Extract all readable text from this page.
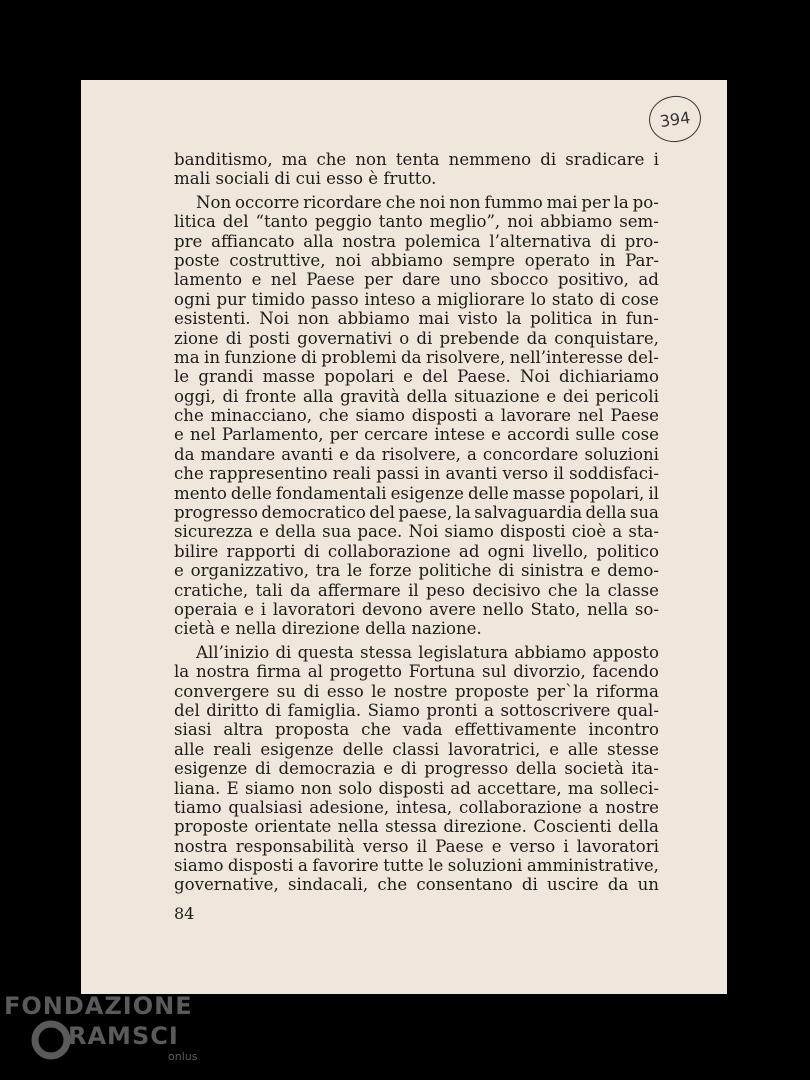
394
banditismo, ma che non tenta nemmeno di sradicare i
mali sociali di cui esso è frutto.
Non occorre ricordare che noi non fummo mai per la po-
litica del “tanto peggio tanto meglio”, noi abbiamo sem-
pre affiancato alla nostra polemica l’alternativa di pro-
poste costruttive, noi abbiamo sempre operato in Par-
lamento e nel Paese per dare uno sbocco positivo, ad
ogni pur timido passo inteso a migliorare lo stato di cose
esistenti. Noi non abbiamo mai visto la politica in fun-
zione di posti governativi o di prebende da conquistare,
ma in funzione di problemi da risolvere, nell’interesse del-
le grandi masse popolari e del Paese. Noi dichiariamo
oggi, di fronte alla gravità della situazione e dei pericoli
che minacciano, che siamo disposti a lavorare nel Paese
e nel Parlamento, per cercare intese e accordi sulle cose
da mandare avanti e da risolvere, a concordare soluzioni
che rappresentino reali passi in avanti verso il soddisfaci-
mento delle fondamentali esigenze delle masse popolari, il
progresso democratico del paese, la salvaguardia della sua
sicurezza e della sua pace. Noi siamo disposti cioè a sta-
bilire rapporti di collaborazione ad ogni livello, politico
e organizzativo, tra le forze politiche di sinistra e demo-
cratiche, tali da affermare il peso decisivo che la classe
operaia e i lavoratori devono avere nello Stato, nella so-
cietà e nella direzione della nazione.
All’inizio di questa stessa legislatura abbiamo apposto
la nostra firma al progetto Fortuna sul divorzio, facendo
convergere su di esso le nostre proposte per`la riforma
del diritto di famiglia. Siamo pronti a sottoscrivere qual-
siasi altra proposta che vada effettivamente incontro
alle reali esigenze delle classi lavoratrici, e alle stesse
esigenze di democrazia e di progresso della società ita-
liana. E siamo non solo disposti ad accettare, ma solleci-
tiamo qualsiasi adesione, intesa, collaborazione a nostre
proposte orientate nella stessa direzione. Coscienti della
nostra responsabilità verso il Paese e verso i lavoratori
siamo disposti a favorire tutte le soluzioni amministrative,
governative, sindacali, che consentano di uscire da un
84
FONDAZIONE
RAMSCI
onlus
